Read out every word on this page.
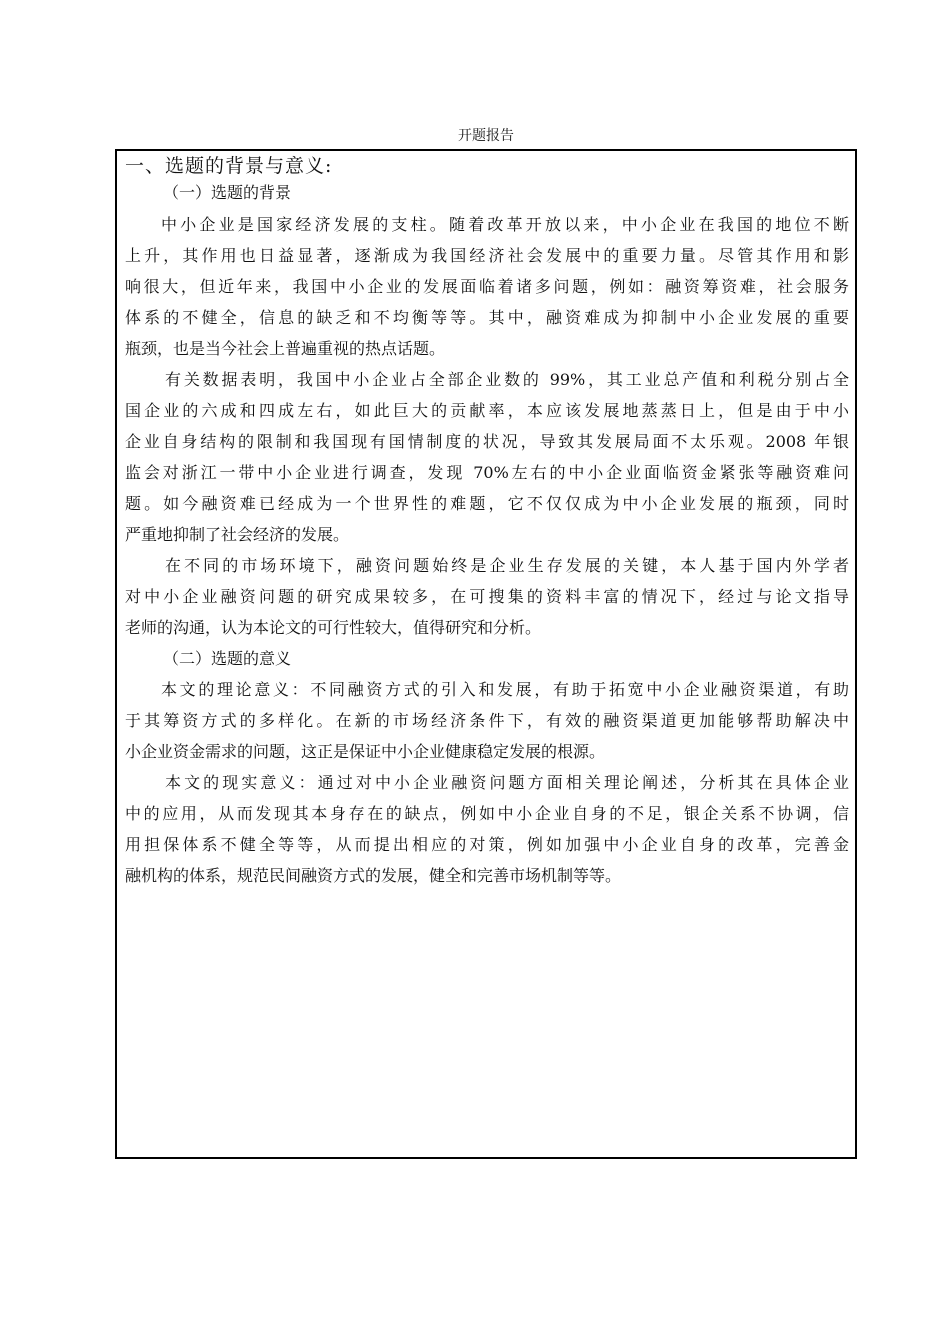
开题报告
一、选题的背景与意义:

（一）选题的背景

中小企业是国家经济发展的支柱。随着改革开放以来，中小企业在我国的地位不断
上升，其作用也日益显著，逐渐成为我国经济社会发展中的重要力量。尽管其作用和影
响很大，但近年来，我国中小企业的发展面临着诸多问题，例如：融资筹资难，社会服务
体系的不健全，信息的缺乏和不均衡等等。其中，融资难成为抑制中小企业发展的重要
瓶颈，也是当今社会上普遍重视的热点话题。

有关数据表明，我国中小企业占全部企业数的 99%，其工业总产值和利税分别占全
国企业的六成和四成左右，如此巨大的贡献率，本应该发展地蒸蒸日上，但是由于中小
企业自身结构的限制和我国现有国情制度的状况，导致其发展局面不太乐观。2008 年银
监会对浙江一带中小企业进行调查，发现 70%左右的中小企业面临资金紧张等融资难问
题。如今融资难已经成为一个世界性的难题，它不仅仅成为中小企业发展的瓶颈，同时
严重地抑制了社会经济的发展。

在不同的市场环境下，融资问题始终是企业生存发展的关键，本人基于国内外学者
对中小企业融资问题的研究成果较多，在可搜集的资料丰富的情况下，经过与论文指导
老师的沟通，认为本论文的可行性较大，值得研究和分析。

（二）选题的意义

本文的理论意义：不同融资方式的引入和发展，有助于拓宽中小企业融资渠道，有助
于其筹资方式的多样化。在新的市场经济条件下，有效的融资渠道更加能够帮助解决中
小企业资金需求的问题，这正是保证中小企业健康稳定发展的根源。

本文的现实意义：通过对中小企业融资问题方面相关理论阐述，分析其在具体企业
中的应用，从而发现其本身存在的缺点，例如中小企业自身的不足，银企关系不协调，信
用担保体系不健全等等，从而提出相应的对策，例如加强中小企业自身的改革，完善金
融机构的体系，规范民间融资方式的发展，健全和完善市场机制等等。
